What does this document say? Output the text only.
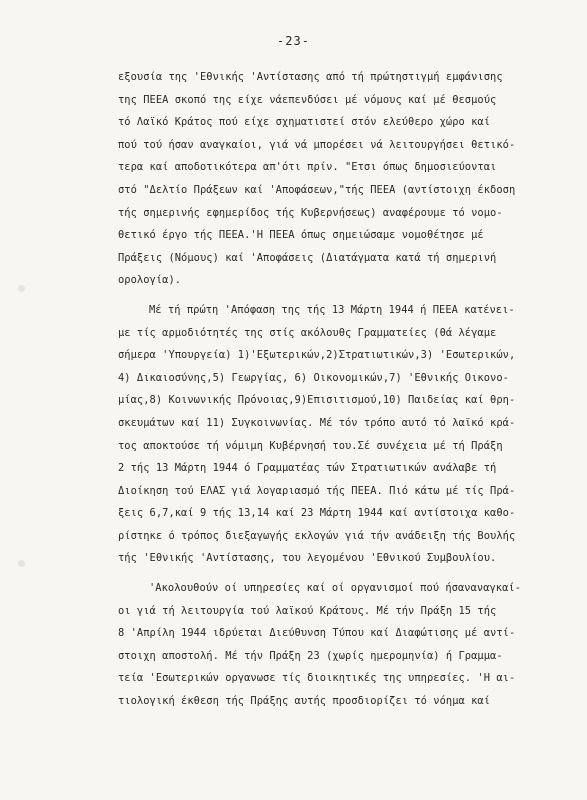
-23-
εξουσία της 'Εθνικής 'Αντίστασης από τή πρώτηστιγμή εμφάνισης
της ΠΕΕΑ σκοπό της είχε νάεπενδύσει μέ νόμους καί μέ θεσμούς
τό Λαϊκό Κράτος πού είχε σχηματιστεί στόν ελεύθερο χώρο καί
πού τού ήσαν αναγκαίοι, γιά νά μπορέσει νά λειτουργήσει θετικό-
τερα καί αποδοτικότερα απ'ότι πρίν. "Ετσι όπως δημοσιεύονται
στό "Δελτίο Πράξεων καί 'Αποφάσεων,"τής ΠΕΕΑ (αντίστοιχη έκδοση
τής σημερινής εφημερίδος τής Κυβερνήσεως) αναφέρουμε τό νομο-
θετικό έργο τής ΠΕΕΑ.'Η ΠΕΕΑ όπως σημειώσαμε νομοθέτησε μέ
Πράξεις (Νόμους) καί 'Αποφάσεις (Διατάγματα κατά τή σημερινή
ορολογία).
Μέ τή πρώτη 'Απόφαση της τής 13 Μάρτη 1944 ή ΠΕΕΑ κατένει-
με τίς αρμοδιότητές της στίς ακόλουθς Γραμματείες (θά λέγαμε
σήμερα 'Υπουργεία) 1)'Εξωτερικών,2)Στρατιωτικών,3) 'Εσωτερικών,
4) Δικαιοσύνης,5) Γεωργίας, 6) Οικονομικών,7) 'Εθνικής Οικονο-
μίας,8) Κοινωνικής Πρόνοιας,9)Επισιτισμού,10) Παιδείας καί θρη-
σκευμάτων καί 11) Συγκοινωνίας. Μέ τόν τρόπο αυτό τό λαϊκό κρά-
τος αποκτούσε τή νόμιμη Κυβέρνησή του.Σέ συνέχεια μέ τή Πράξη
2 τής 13 Μάρτη 1944 ό Γραμματέας τών Στρατιωτικών ανάλαβε τή
Διοίκηση τού ΕΛΑΣ γιά λογαριασμό τής ΠΕΕΑ. Πιό κάτω μέ τίς Πρά-
ξεις 6,7,καί 9 τής 13,14 καί 23 Μάρτη 1944 καί αντίστοιχα καθο-
ρίστηκε ό τρόπος διεξαγωγής εκλογών γιά τήν ανάδειξη τής Βουλής
τής 'Εθνικής 'Αντίστασης, του λεγομένου 'Εθνικού Συμβουλίου.
'Ακολουθούν οί υπηρεσίες καί οί οργανισμοί πού ήσαναναγκαί-
οι γιά τή λειτουργία τού λαϊκού Κράτους. Μέ τήν Πράξη 15 τής
8 'Απρίλη 1944 ιδρύεται Διεύθυνση Τύπου καί Διαφώτισης μέ αντί-
στοιχη αποστολή. Μέ τήν Πράξη 23 (χωρίς ημερομηνία) ή Γραμμα-
τεία 'Εσωτερικών οργανωσε τίς διοικητικές της υπηρεσίες. 'Η αι-
τιολογική έκθεση τής Πράξης αυτής προσδιορίζει τό νόημα καί
